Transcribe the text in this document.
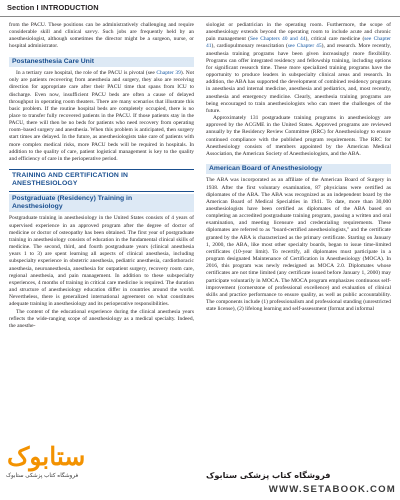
Section I INTRODUCTION

from the PACU. These positions can be administratively challenging and require considerable skill and clinical savvy. Such jobs are frequently held by an anesthesiologist, although sometimes the director might be a surgeon, nurse, or hospital administrator.

Postanesthesia Care Unit

In a tertiary care hospital, the role of the PACU is pivotal (see Chapter 39). Not only are patients recovering from anesthesia and surgery, they also are receiving direction for appropriate care after their PACU time that spans from ICU to discharge. Even now, insufficient PACU beds are often a cause of delayed throughput in operating room theaters. There are many scenarios that illustrate this basic problem. If the routine hospital beds are completely occupied, there is no place to transfer fully recovered patients in the PACU. If those patients stay in the PACU, there will then be no beds for patients who need recovery from operating room–based surgery and anesthesia. When this problem is anticipated, then surgery start times are delayed. In the future, as anesthesiologists take care of patients with more complex medical risks, more PACU beds will be required in hospitals. In addition to the quality of care, patient logistical management is key to the quality and efficiency of care in the perioperative period.

TRAINING AND CERTIFICATION IN
ANESTHESIOLOGY
Postgraduate (Residency) Training in
Anesthesiology

Postgraduate training in anesthesiology in the United States consists of 4 years of supervised experience in an approved program after the degree of doctor of medicine or doctor of osteopathy has been obtained. The first year of postgraduate training in anesthesiology consists of education in the fundamental clinical skills of medicine. The second, third, and fourth postgraduate years (clinical anesthesia years 1 to 3) are spent learning all aspects of clinical anesthesia, including subspecialty experience in obstetric anesthesia, pediatric anesthesia, cardiothoracic anesthesia, neuroanesthesia, anesthesia for outpatient surgery, recovery room care, regional anesthesia, and pain management. In addition to these subspecialty experiences, 4 months of training in critical care medicine is required. The duration and structure of anesthesiology education differ in countries around the world. Nevertheless, there is generalized international agreement on what constitutes adequate training in anesthesiology and its perioperative responsibilities.

The content of the educational experience during the clinical anesthesia years reflects the wide-ranging scope of anesthesiology as a medical specialty. Indeed, the anesthe-

siologist or pediatrician in the operating room. Furthermore, the scope of anesthesiology extends beyond the operating room to include acute and chronic pain management (See Chapters 40 and 44), critical care medicine (see Chapter 41), cardiopulmonary resuscitation (see Chapter 45), and research. More recently, anesthesia training programs have been given increasingly more flexibility. Programs can offer integrated residency and fellowship training, including options for significant research time. These more specialized training programs have the opportunity to produce leaders in subspecialty clinical areas and research. In addition, the ABA has supported the development of combined residency programs in anesthesia and internal medicine, anesthesia and pediatrics, and, most recently, anesthesia and emergency medicine. Clearly, anesthesia training programs are being encouraged to train anesthesiologists who can meet the challenges of the future.

Approximately 131 postgraduate training programs in anesthesiology are approved by the ACGME in the United States. Approved programs are reviewed annually by the Residency Review Committee (RRC) for Anesthesiology to ensure continued compliance with the published program requirements. The RRC for Anesthesiology consists of members appointed by the American Medical Association, the American Society of Anesthesiologists, and the ABA.

American Board of Anesthesiology

The ABA was incorporated as an affiliate of the American Board of Surgery in 1938. After the first voluntary examination, 87 physicians were certified as diplomates of the ABA. The ABA was recognized as an independent board by the American Board of Medical Specialties in 1941. To date, more than 30,000 anesthesiologists have been certified as diplomates of the ABA based on completing an accredited postgraduate training program, passing a written and oral examination, and meeting licensure and credentialing requirements. These diplomates are referred to as "board-certified anesthesiologists," and the certificate granted by the ABA is characterized as the primary certificate. Starting on January 1, 2000, the ABA, like most other specialty boards, began to issue time-limited certificates (10-year limit). To recertify, all diplomates must participate in a program designated Maintenance of Certification in Anesthesiology (MOCA). In 2016, this program was newly redesigned as MOCA 2.0. Diplomates whose certificates are not time limited (any certificate issued before January 1, 2000) may participate voluntarily in MOCA. The MOCA program emphasizes continuous self-improvement (cornerstone of professional excellence) and evaluation of clinical skills and practice performance to ensure quality, as well as public accountability. The components include (1) professionalism and professional standing (unrestricted state license), (2) lifelong learning and self-assessment (format and informal

ستابوک
فروشگاه کتاب پزشکی ستابوک	فروشگاه کتاب پزشکی ستابوک
WWW.SETABOOK.COM
